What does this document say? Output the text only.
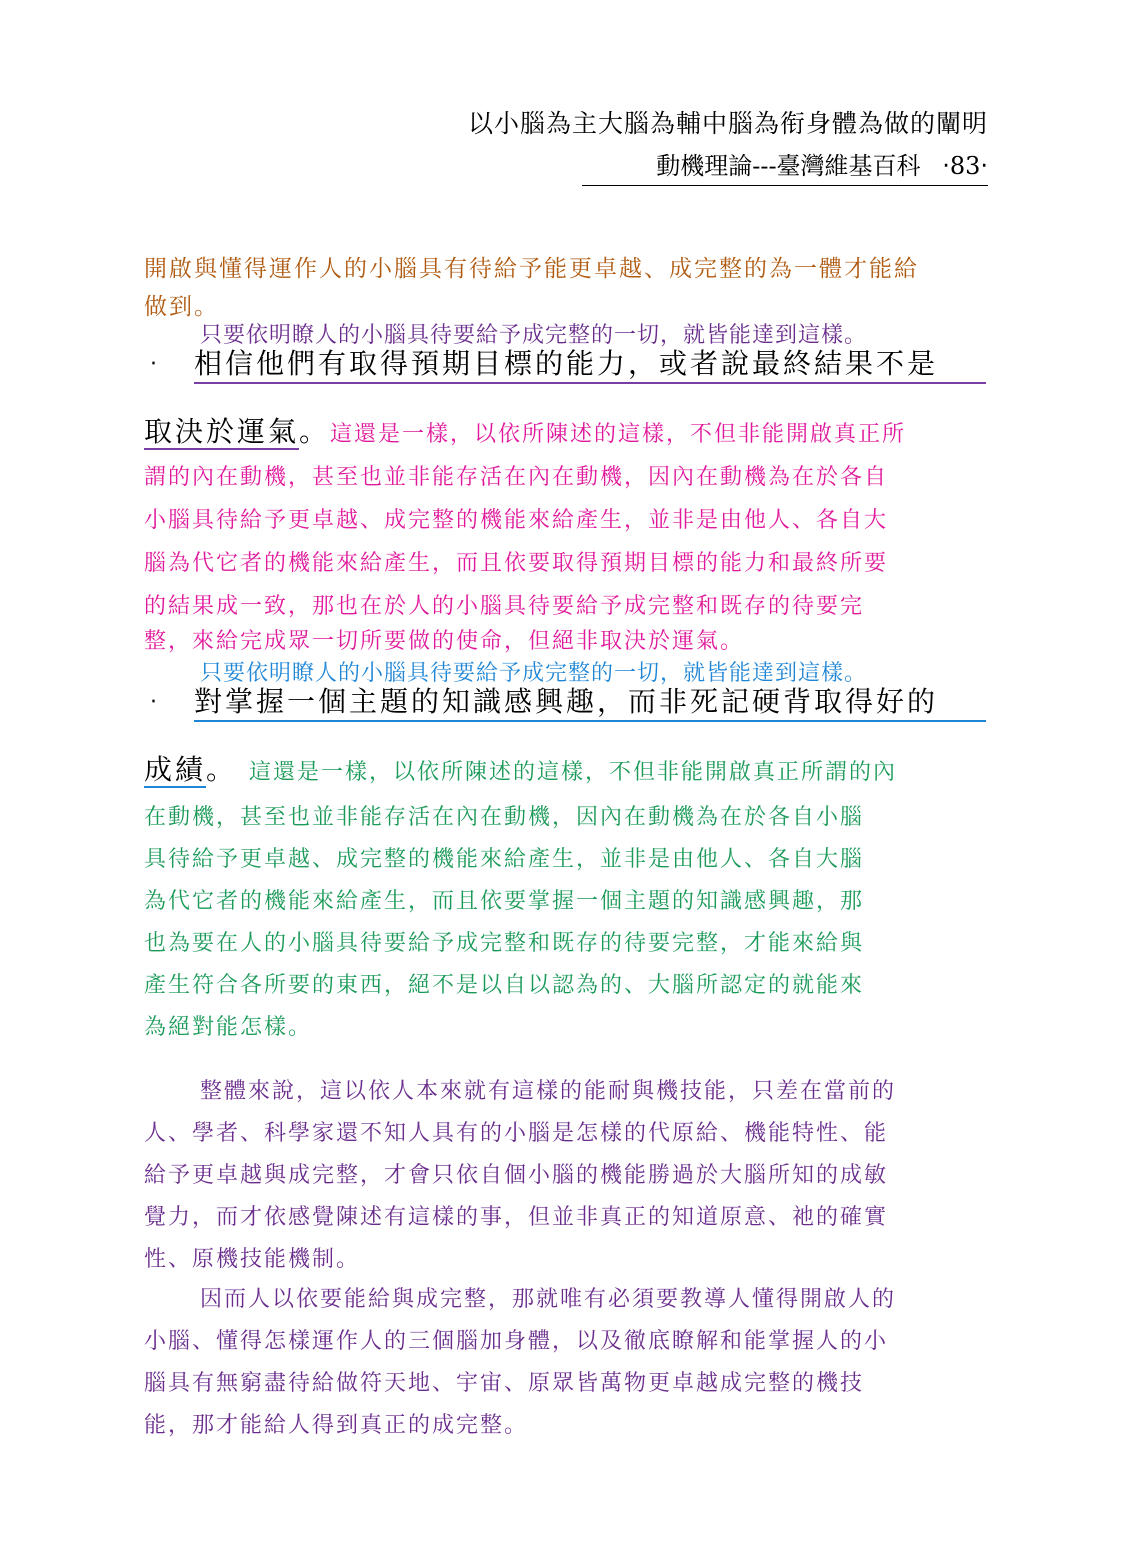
以小腦為主大腦為輔中腦為衔身體為做的闡明
動機理論---臺灣維基百科 ‧83‧
開啟與懂得運作人的小腦具有待給予能更卓越、成完整的為一體才能給
做到。
只要依明瞭人的小腦具待要給予成完整的一切，就皆能達到這樣。
‧ 相信他們有取得預期目標的能力，或者說最終結果不是
取決於運氣。這還是一樣，以依所陳述的這樣，不但非能開啟真正所
謂的內在動機，甚至也並非能存活在內在動機，因內在動機為在於各自
小腦具待給予更卓越、成完整的機能來給產生，並非是由他人、各自大
腦為代它者的機能來給產生，而且依要取得預期目標的能力和最終所要
的結果成一致，那也在於人的小腦具待要給予成完整和既存的待要完
整，來給完成眾一切所要做的使命，但絕非取決於運氣。
只要依明瞭人的小腦具待要給予成完整的一切，就皆能達到這樣。
‧ 對掌握一個主題的知識感興趣，而非死記硬背取得好的
成績。 這還是一樣，以依所陳述的這樣，不但非能開啟真正所謂的內
在動機，甚至也並非能存活在內在動機，因內在動機為在於各自小腦
具待給予更卓越、成完整的機能來給產生，並非是由他人、各自大腦
為代它者的機能來給產生，而且依要掌握一個主題的知識感興趣，那
也為要在人的小腦具待要給予成完整和既存的待要完整，才能來給與
產生符合各所要的東西，絕不是以自以認為的、大腦所認定的就能來
為絕對能怎樣。
整體來說，這以依人本來就有這樣的能耐與機技能，只差在當前的
人、學者、科學家還不知人具有的小腦是怎樣的代原給、機能特性、能
給予更卓越與成完整，才會只依自個小腦的機能勝過於大腦所知的成敏
覺力，而才依感覺陳述有這樣的事，但並非真正的知道原意、祂的確實
性、原機技能機制。
因而人以依要能給與成完整，那就唯有必須要教導人懂得開啟人的
小腦、懂得怎樣運作人的三個腦加身體，以及徹底瞭解和能掌握人的小
腦具有無窮盡待給做符天地、宇宙、原眾皆萬物更卓越成完整的機技
能，那才能給人得到真正的成完整。
